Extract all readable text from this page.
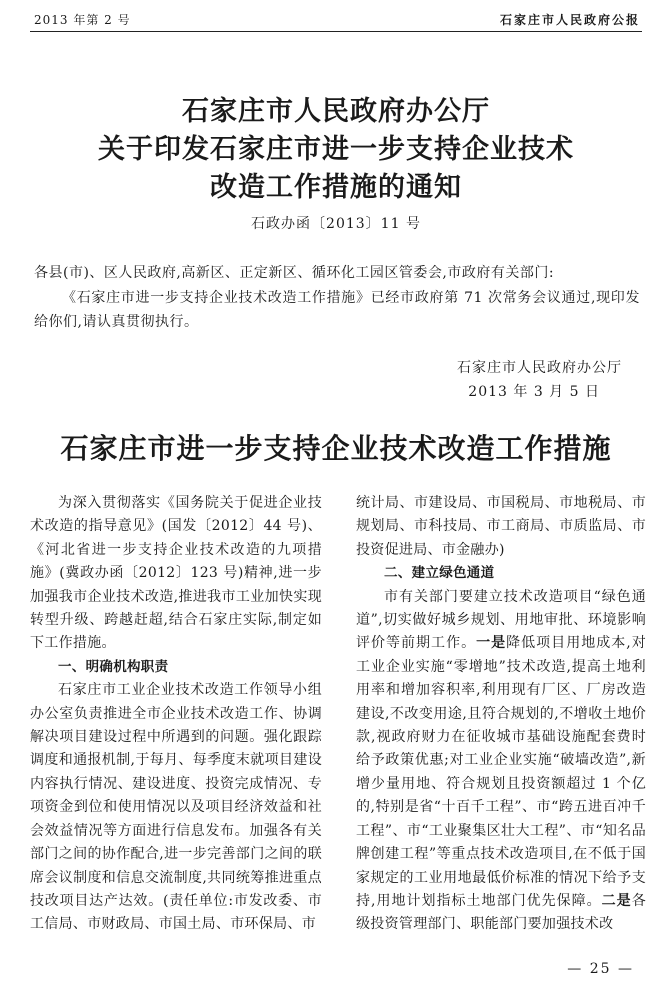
2013 年第 2 号	石家庄市人民政府公报
石家庄市人民政府办公厅
关于印发石家庄市进一步支持企业技术
改造工作措施的通知
石政办函〔2013〕11 号
各县(市)、区人民政府,高新区、正定新区、循环化工园区管委会,市政府有关部门:
《石家庄市进一步支持企业技术改造工作措施》已经市政府第 71 次常务会议通过,现印发给你们,请认真贯彻执行。
石家庄市人民政府办公厅
2013 年 3 月 5 日
石家庄市进一步支持企业技术改造工作措施

为深入贯彻落实《国务院关于促进企业技术改造的指导意见》(国发〔2012〕44 号)、《河北省进一步支持企业技术改造的九项措施》(冀政办函〔2012〕123 号)精神,进一步加强我市企业技术改造,推进我市工业加快实现转型升级、跨越赶超,结合石家庄实际,制定如下工作措施。

一、明确机构职责

石家庄市工业企业技术改造工作领导小组办公室负责推进全市企业技术改造工作、协调解决项目建设过程中所遇到的问题。强化跟踪调度和通报机制,于每月、每季度末就项目建设内容执行情况、建设进度、投资完成情况、专项资金到位和使用情况以及项目经济效益和社会效益情况等方面进行信息发布。加强各有关部门之间的协作配合,进一步完善部门之间的联席会议制度和信息交流制度,共同统筹推进重点技改项目达产达效。(责任单位:市发改委、市工信局、市财政局、市国土局、市环保局、市

统计局、市建设局、市国税局、市地税局、市规划局、市科技局、市工商局、市质监局、市投资促进局、市金融办)

二、建立绿色通道

市有关部门要建立技术改造项目“绿色通道”,切实做好城乡规划、用地审批、环境影响评价等前期工作。一是降低项目用地成本,对工业企业实施“零增地”技术改造,提高土地利用率和增加容积率,利用现有厂区、厂房改造建设,不改变用途,且符合规划的,不增收土地价款,视政府财力在征收城市基础设施配套费时给予政策优惠;对工业企业实施“破墙改造”,新增少量用地、符合规划且投资额超过 1 个亿的,特别是省“十百千工程”、市“跨五进百冲千工程”、市“工业聚集区壮大工程”、市“知名品牌创建工程”等重点技术改造项目,在不低于国家规定的工业用地最低价标准的情况下给予支持,用地计划指标土地部门优先保障。二是各级投资管理部门、职能部门要加强技术改

— 25 —
